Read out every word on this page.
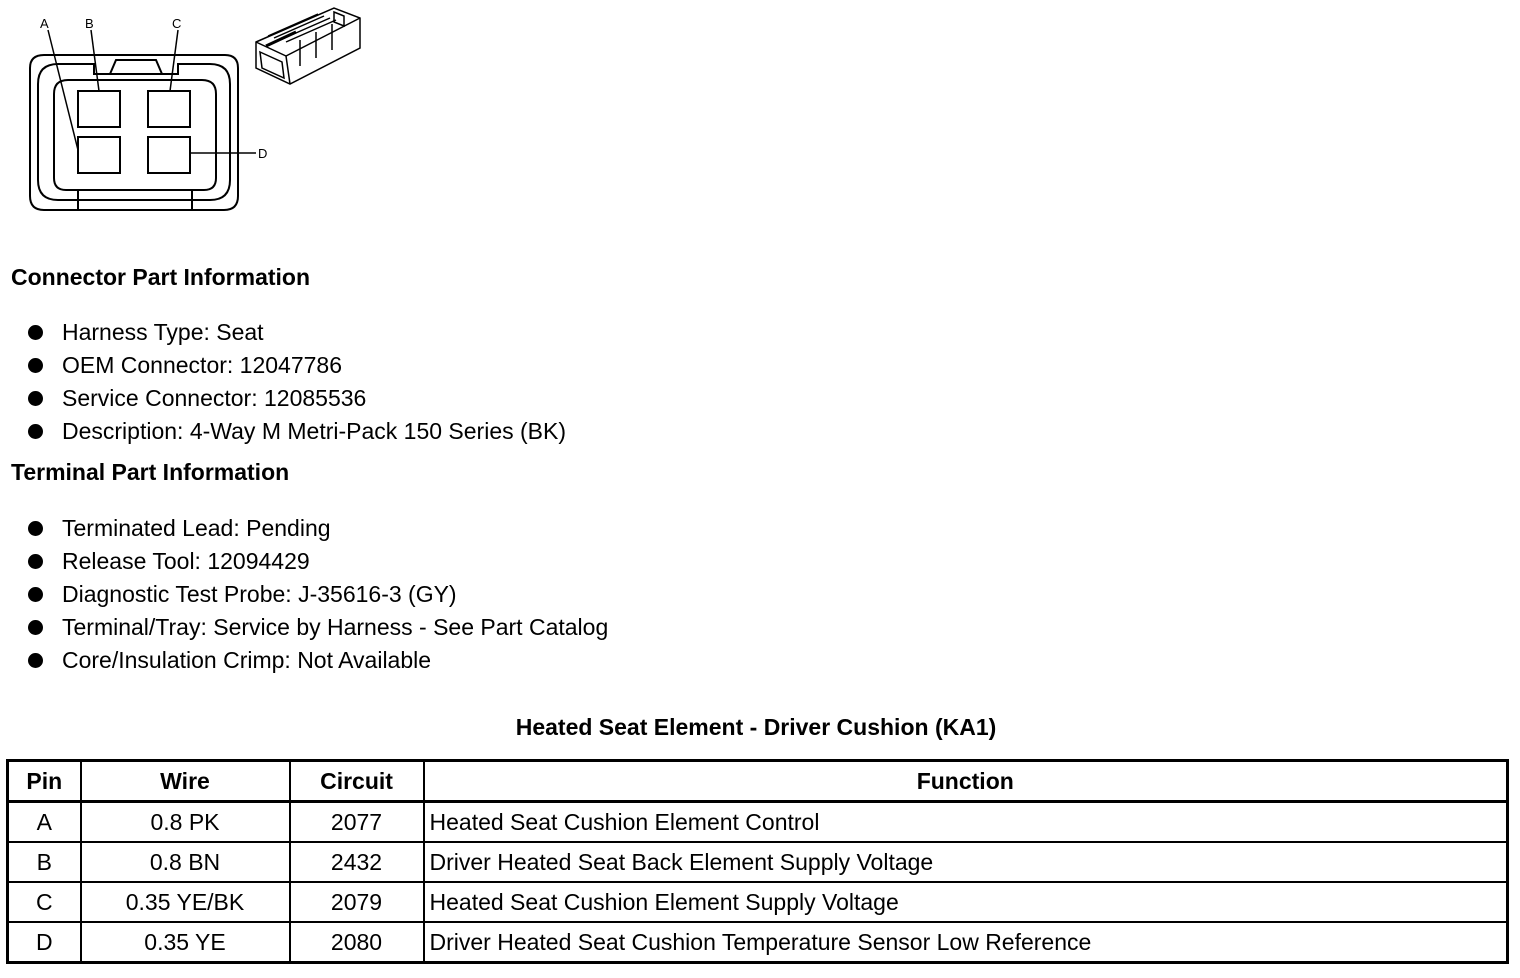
A	B	C
D
Connector Part Information
Harness Type: Seat
OEM Connector: 12047786
Service Connector: 12085536
Description: 4-Way M Metri-Pack 150 Series (BK)
Terminal Part Information
Terminated Lead: Pending
Release Tool: 12094429
Diagnostic Test Probe: J-35616-3 (GY)
Terminal/Tray: Service by Harness - See Part Catalog
Core/Insulation Crimp: Not Available
Heated Seat Element - Driver Cushion (KA1)
Pin	Wire	Circuit	Function
A	0.8 PK	2077	Heated Seat Cushion Element Control
B	0.8 BN	2432	Driver Heated Seat Back Element Supply Voltage
C	0.35 YE/BK	2079	Heated Seat Cushion Element Supply Voltage
D	0.35 YE	2080	Driver Heated Seat Cushion Temperature Sensor Low Reference
